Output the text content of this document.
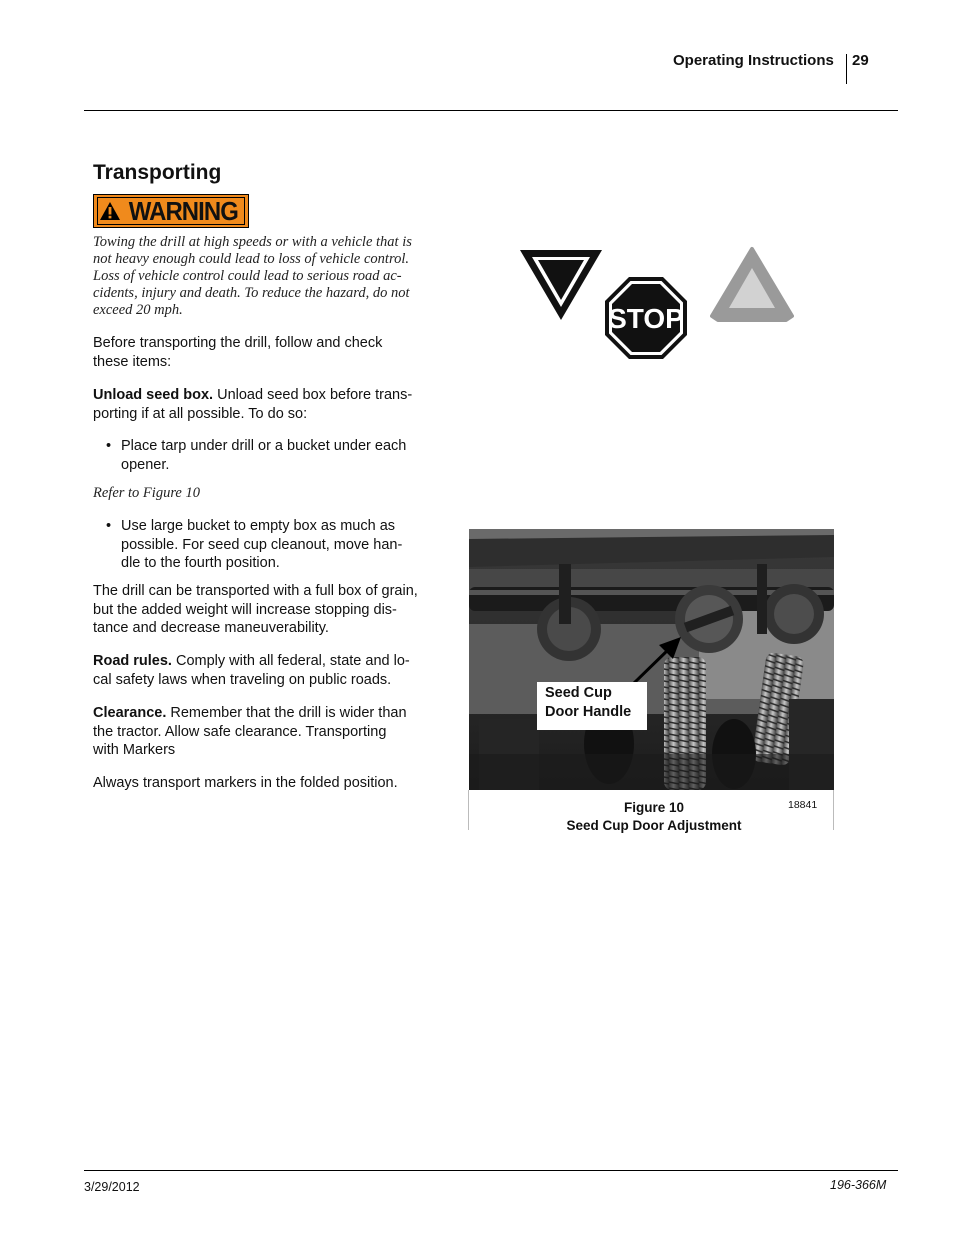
Operating Instructions 29
Transporting
WARNING
Towing the drill at high speeds or with a vehicle that is
not heavy enough could lead to loss of vehicle control.
Loss of vehicle control could lead to serious road ac-
cidents, injury and death. To reduce the hazard, do not
exceed 20 mph.
Before transporting the drill, follow and check
these items:
Unload seed box. Unload seed box before trans-
porting if at all possible. To do so:
• Place tarp under drill or a bucket under each
opener.
Refer to Figure 10
• Use large bucket to empty box as much as
possible. For seed cup cleanout, move han-
dle to the fourth position.
The drill can be transported with a full box of grain,
but the added weight will increase stopping dis-
tance and decrease maneuverability.
Road rules. Comply with all federal, state and lo-
cal safety laws when traveling on public roads.
Clearance. Remember that the drill is wider than
the tractor. Allow safe clearance. Transporting
with Markers
Always transport markers in the folded position.
STOP
Seed Cup
Door Handle
Figure 10
Seed Cup Door Adjustment
18841
3/29/2012	196-366M
